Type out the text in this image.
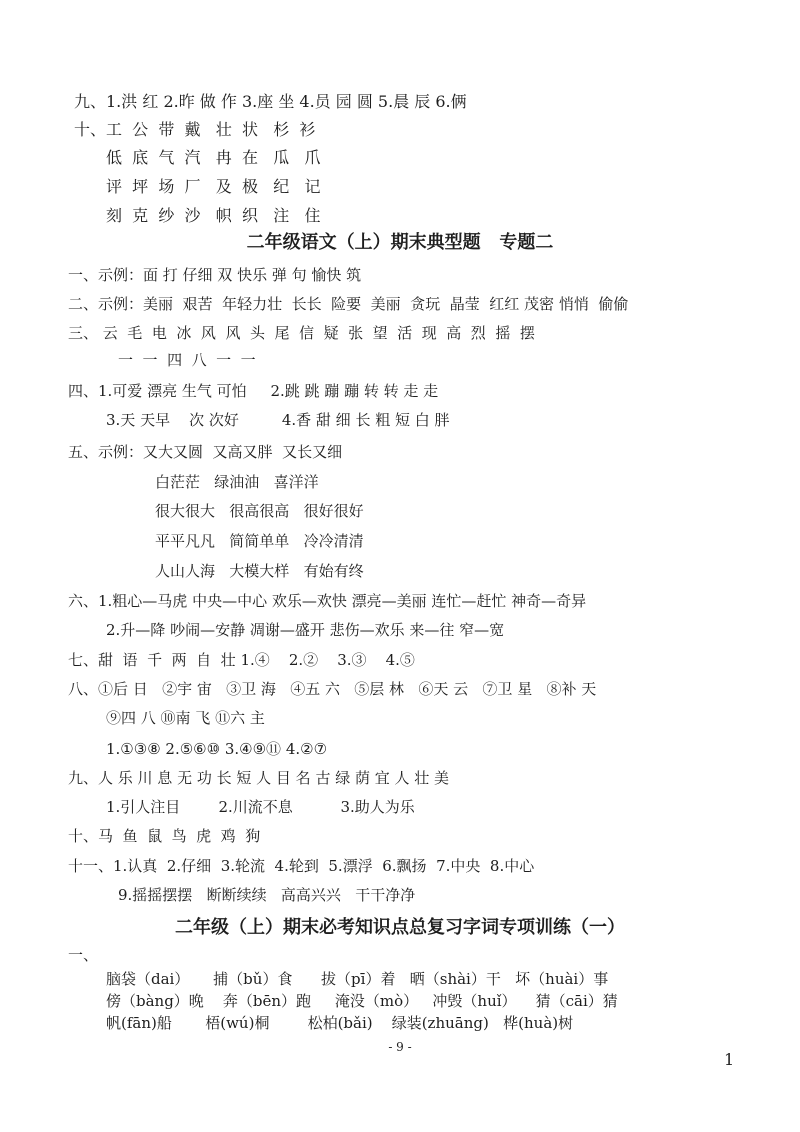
九、1.洪 红 2.昨 做 作 3.座 坐 4.员 园 圆 5.晨 辰 6.俩
十、工  公  带  戴   壮  状   杉  衫
低  底  气  汽   冉  在   瓜   爪
评  坪  场  厂   及  极   纪   记
刻  克  纱  沙   帜  织   注   住
二年级语文（上）期末典型题   专题二
一、示例：面 打 仔细 双 快乐 弹 句 愉快 筑
二、示例：美丽  艰苦  年轻力壮  长长  险要  美丽  贪玩  晶莹  红红 茂密 悄悄  偷偷
三、 云  毛  电  冰  风  风  头  尾  信  疑  张  望  活  现  高  烈  摇  摆
一  一  四  八  一  一
四、1.可爱 漂亮 生气 可怕     2.跳 跳 蹦 蹦 转 转 走 走
3.天 天早    次 次好         4.香 甜 细 长 粗 短 白 胖
五、示例：又大又圆  又高又胖  又长又细
白茫茫   绿油油   喜洋洋
很大很大   很高很高   很好很好
平平凡凡   简简单单   冷冷清清
人山人海   大模大样   有始有终
六、1.粗心—马虎 中央—中心 欢乐—欢快 漂亮—美丽 连忙—赶忙 神奇—奇异
2.升—降 吵闹—安静 凋谢—盛开 悲伤—欢乐 来—往 窄—宽
七、甜  语  千  两  自  壮 1.④    2.②    3.③    4.⑤
八、①后 日   ②宇 宙   ③卫 海   ④五 六   ⑤层 林   ⑥天 云   ⑦卫 星   ⑧补 天
⑨四 八 ⑩南 飞 ⑪六 主
1.①③⑧ 2.⑤⑥⑩ 3.④⑨⑪ 4.②⑦
九、人 乐 川 息 无 功 长 短 人 目 名 古 绿 荫 宜 人 壮 美
1.引人注目        2.川流不息          3.助人为乐
十、马  鱼  鼠  鸟  虎  鸡  狗
十一、1.认真  2.仔细  3.轮流  4.轮到  5.漂浮  6.飘扬  7.中央  8.中心
9.摇摇摆摆   断断续续   高高兴兴   干干净净
二年级（上）期末必考知识点总复习字词专项训练（一）
一、
脑袋（dai）     捕（bǔ）食      拔（pī）着   晒（shài）干   坏（huài）事
傍（bàng）晚    奔（bēn）跑     淹没（mò）   冲毁（huǐ）    猜（cāi）猜
帆(fān)船       梧(wú)桐        松柏(bǎi)    绿装(zhuāng)   桦(huà)树
- 9 -
1
